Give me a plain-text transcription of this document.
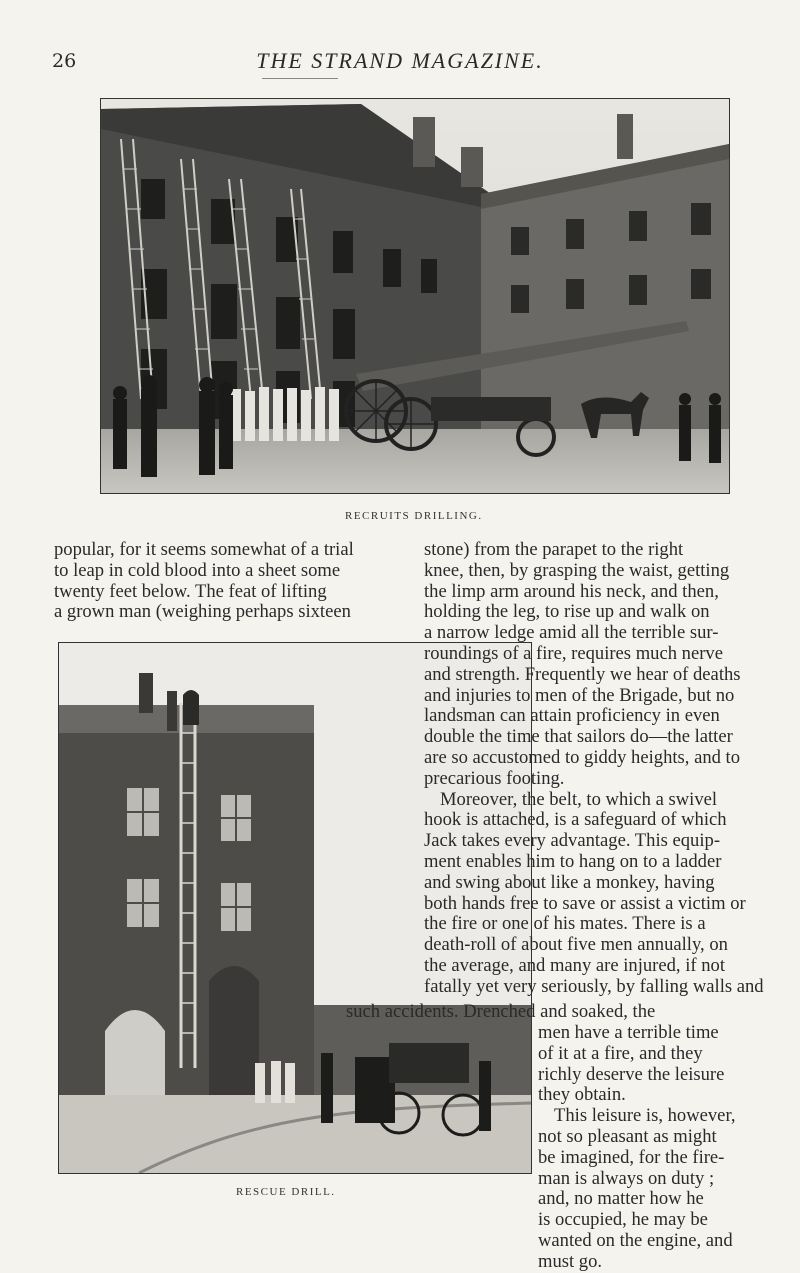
26	THE STRAND MAGAZINE.
RECRUITS DRILLING.
popular, for it seems somewhat of a trial
to leap in cold blood into a sheet some
twenty feet below. The feat of lifting
a grown man (weighing perhaps sixteen
RESCUE DRILL.
stone) from the parapet to the right
knee, then, by grasping the waist, getting
the limp arm around his neck, and then,
holding the leg, to rise up and walk on
a narrow ledge amid all the terrible sur-
roundings of a fire, requires much nerve
and strength. Frequently we hear of deaths
and injuries to men of the Brigade, but no
landsman can attain proficiency in even
double the time that sailors do—the latter
are so accustomed to giddy heights, and to
precarious footing.
Moreover, the belt, to which a swivel
hook is attached, is a safeguard of which
Jack takes every advantage. This equip-
ment enables him to hang on to a ladder
and swing about like a monkey, having
both hands free to save or assist a victim or
the fire or one of his mates. There is a
death-roll of about five men annually, on
the average, and many are injured, if not
fatally yet very seriously, by falling walls and
such accidents. Drenched and soaked, the
men have a terrible time
of it at a fire, and they
richly deserve the leisure
they obtain.
This leisure is, however,
not so pleasant as might
be imagined, for the fire-
man is always on duty ;
and, no matter how he
is occupied, he may be
wanted on the engine, and
must go.
